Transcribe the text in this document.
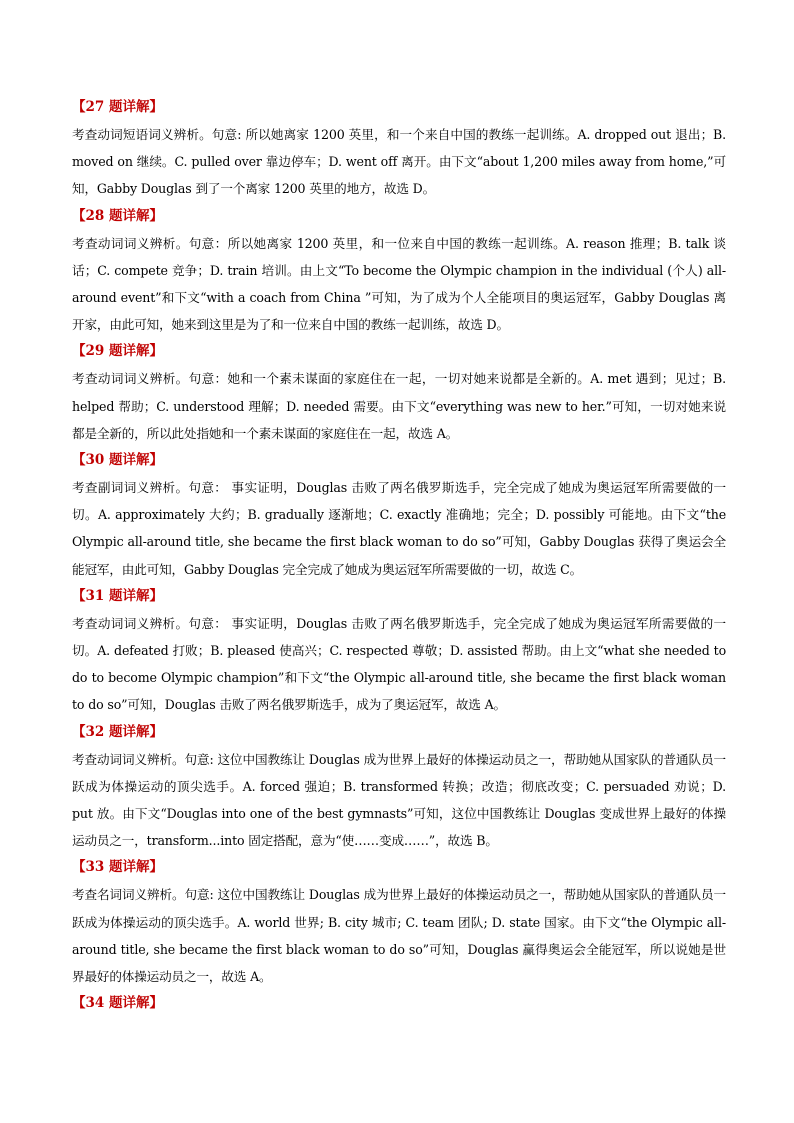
【27 题详解】
考查动词短语词义辨析。句意: 所以她离家 1200 英里，和一个来自中国的教练一起训练。A. dropped out 退出；B. moved on 继续。C. pulled over 靠边停车；D. went off 离开。由下文“about 1,200 miles away from home,”可知，Gabby Douglas 到了一个离家 1200 英里的地方，故选 D。
【28 题详解】
考查动词词义辨析。句意：所以她离家 1200 英里，和一位来自中国的教练一起训练。A. reason 推理；B. talk 谈话；C. compete 竞争；D. train 培训。由上文“To become the Olympic champion in the individual (个人) all-around event”和下文“with a coach from China ”可知，为了成为个人全能项目的奥运冠军，Gabby Douglas 离开家，由此可知，她来到这里是为了和一位来自中国的教练一起训练，故选 D。
【29 题详解】
考查动词词义辨析。句意：她和一个素未谋面的家庭住在一起，一切对她来说都是全新的。A. met 遇到；见过；B. helped 帮助；C. understood 理解；D. needed 需要。由下文“everything was new to her.”可知，一切对她来说都是全新的，所以此处指她和一个素未谋面的家庭住在一起，故选 A。
【30 题详解】
考查副词词义辨析。句意： 事实证明，Douglas 击败了两名俄罗斯选手，完全完成了她成为奥运冠军所需要做的一切。A. approximately 大约；B. gradually 逐渐地；C. exactly 准确地；完全；D. possibly 可能地。由下文“the Olympic all-around title, she became the first black woman to do so”可知，Gabby Douglas 获得了奥运会全能冠军，由此可知，Gabby Douglas 完全完成了她成为奥运冠军所需要做的一切，故选 C。
【31 题详解】
考查动词词义辨析。句意： 事实证明，Douglas 击败了两名俄罗斯选手，完全完成了她成为奥运冠军所需要做的一切。A. defeated 打败；B. pleased 使高兴；C. respected 尊敬；D. assisted 帮助。由上文“what she needed to do to become Olympic champion”和下文“the Olympic all-around title, she became the first black woman to do so”可知，Douglas 击败了两名俄罗斯选手，成为了奥运冠军，故选 A。
【32 题详解】
考查动词词义辨析。句意: 这位中国教练让 Douglas 成为世界上最好的体操运动员之一，帮助她从国家队的普通队员一跃成为体操运动的顶尖选手。A. forced 强迫；B. transformed 转换；改造；彻底改变；C. persuaded 劝说；D. put 放。由下文“Douglas into one of the best gymnasts”可知，这位中国教练让 Douglas 变成世界上最好的体操运动员之一，transform...into 固定搭配，意为“使……变成……”，故选 B。
【33 题详解】
考查名词词义辨析。句意: 这位中国教练让 Douglas 成为世界上最好的体操运动员之一，帮助她从国家队的普通队员一跃成为体操运动的顶尖选手。A. world 世界; B. city 城市; C. team 团队; D. state 国家。由下文“the Olympic all-around title, she became the first black woman to do so”可知，Douglas 赢得奥运会全能冠军，所以说她是世界最好的体操运动员之一，故选 A。
【34 题详解】
